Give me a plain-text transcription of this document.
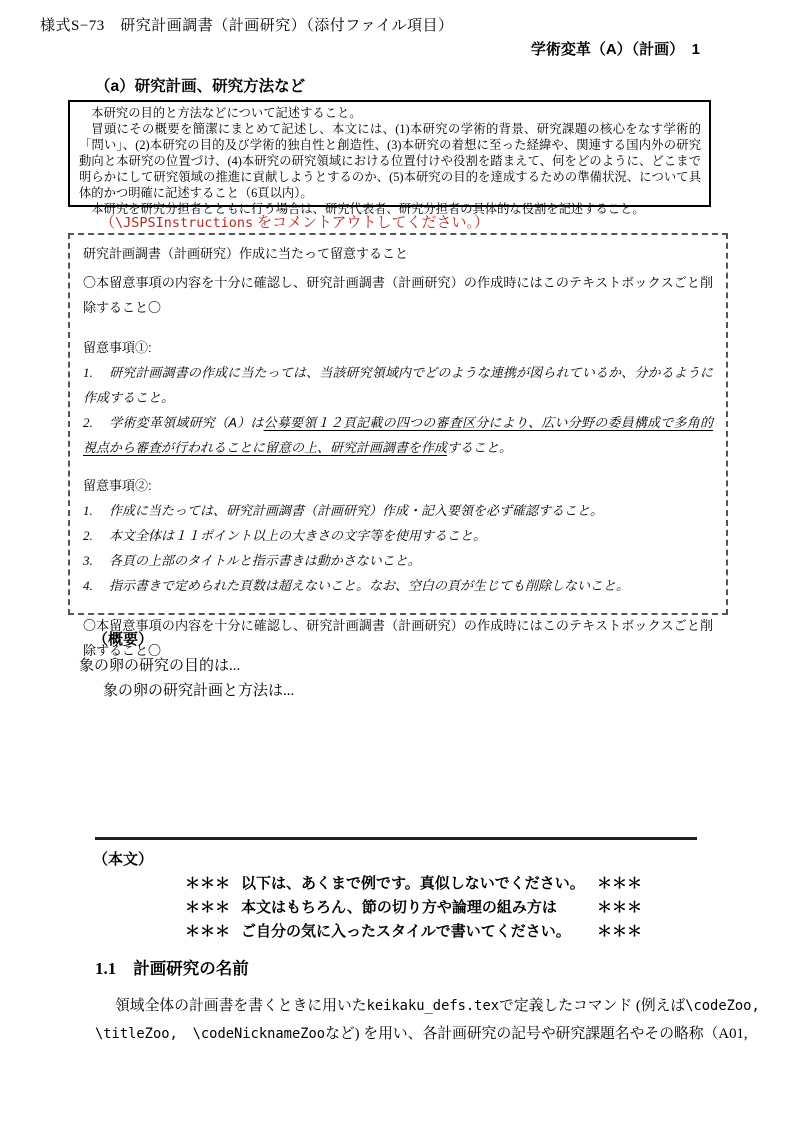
様式S−73　研究計画調書（計画研究）（添付ファイル項目）
学術変革（A）（計画）　1
（a）研究計画、研究方法など

本研究の目的と方法などについて記述すること。

冒頭にその概要を簡潔にまとめて記述し、本文には、(1)本研究の学術的背景、研究課題の核心をなす学術的「問い」、(2)本研究の目的及び学術的独自性と創造性、(3)本研究の着想に至った経緯や、関連する国内外の研究動向と本研究の位置づけ、(4)本研究の研究領域における位置付けや役割を踏まえて、何をどのように、どこまで明らかにして研究領域の推進に貢献しようとするのか、(5)本研究の目的を達成するための準備状況、について具体的かつ明確に記述すること（6頁以内）。

本研究を研究分担者とともに行う場合は、研究代表者、研究分担者の具体的な役割を記述すること。

（\JSPSInstructions をコメントアウトしてください。）
研究計画調書（計画研究）作成に当たって留意すること
〇本留意事項の内容を十分に確認し、研究計画調書（計画研究）の作成時にはこのテキストボックスごと削除すること〇
留意事項①:
1. 研究計画調書の作成に当たっては、当該研究領域内でどのような連携が図られているか、分かるように作成すること。
2. 学術変革領域研究（A）は公募要領１２頁記載の四つの審査区分により、広い分野の委員構成で多角的視点から審査が行われることに留意の上、研究計画調書を作成すること。
留意事項②:
1. 作成に当たっては、研究計画調書（計画研究）作成・記入要領を必ず確認すること。
2. 本文全体は１１ポイント以上の大きさの文字等を使用すること。
3. 各頁の上部のタイトルと指示書きは動かさないこと。
4. 指示書きで定められた頁数は超えないこと。なお、空白の頁が生じても削除しないこと。
〇本留意事項の内容を十分に確認し、研究計画調書（計画研究）の作成時にはこのテキストボックスごと削除すること〇
（概要）
象の卵の研究の目的は...
象の卵の研究計画と方法は...
（本文）
＊＊＊ 以下は、あくまで例です。真似しないでください。 ＊＊＊
＊＊＊ 本文はもちろん、節の切り方や論理の組み方は	＊＊＊
＊＊＊ ご自分の気に入ったスタイルで書いてください。	＊＊＊
1.1 計画研究の名前
領域全体の計画書を書くときに用いたkeikaku_defs.texで定義したコマンド (例えば\codeZoo,
\titleZoo,　 \codeNicknameZooなど) を用い、各計画研究の記号や研究課題名やその略称（A01,
